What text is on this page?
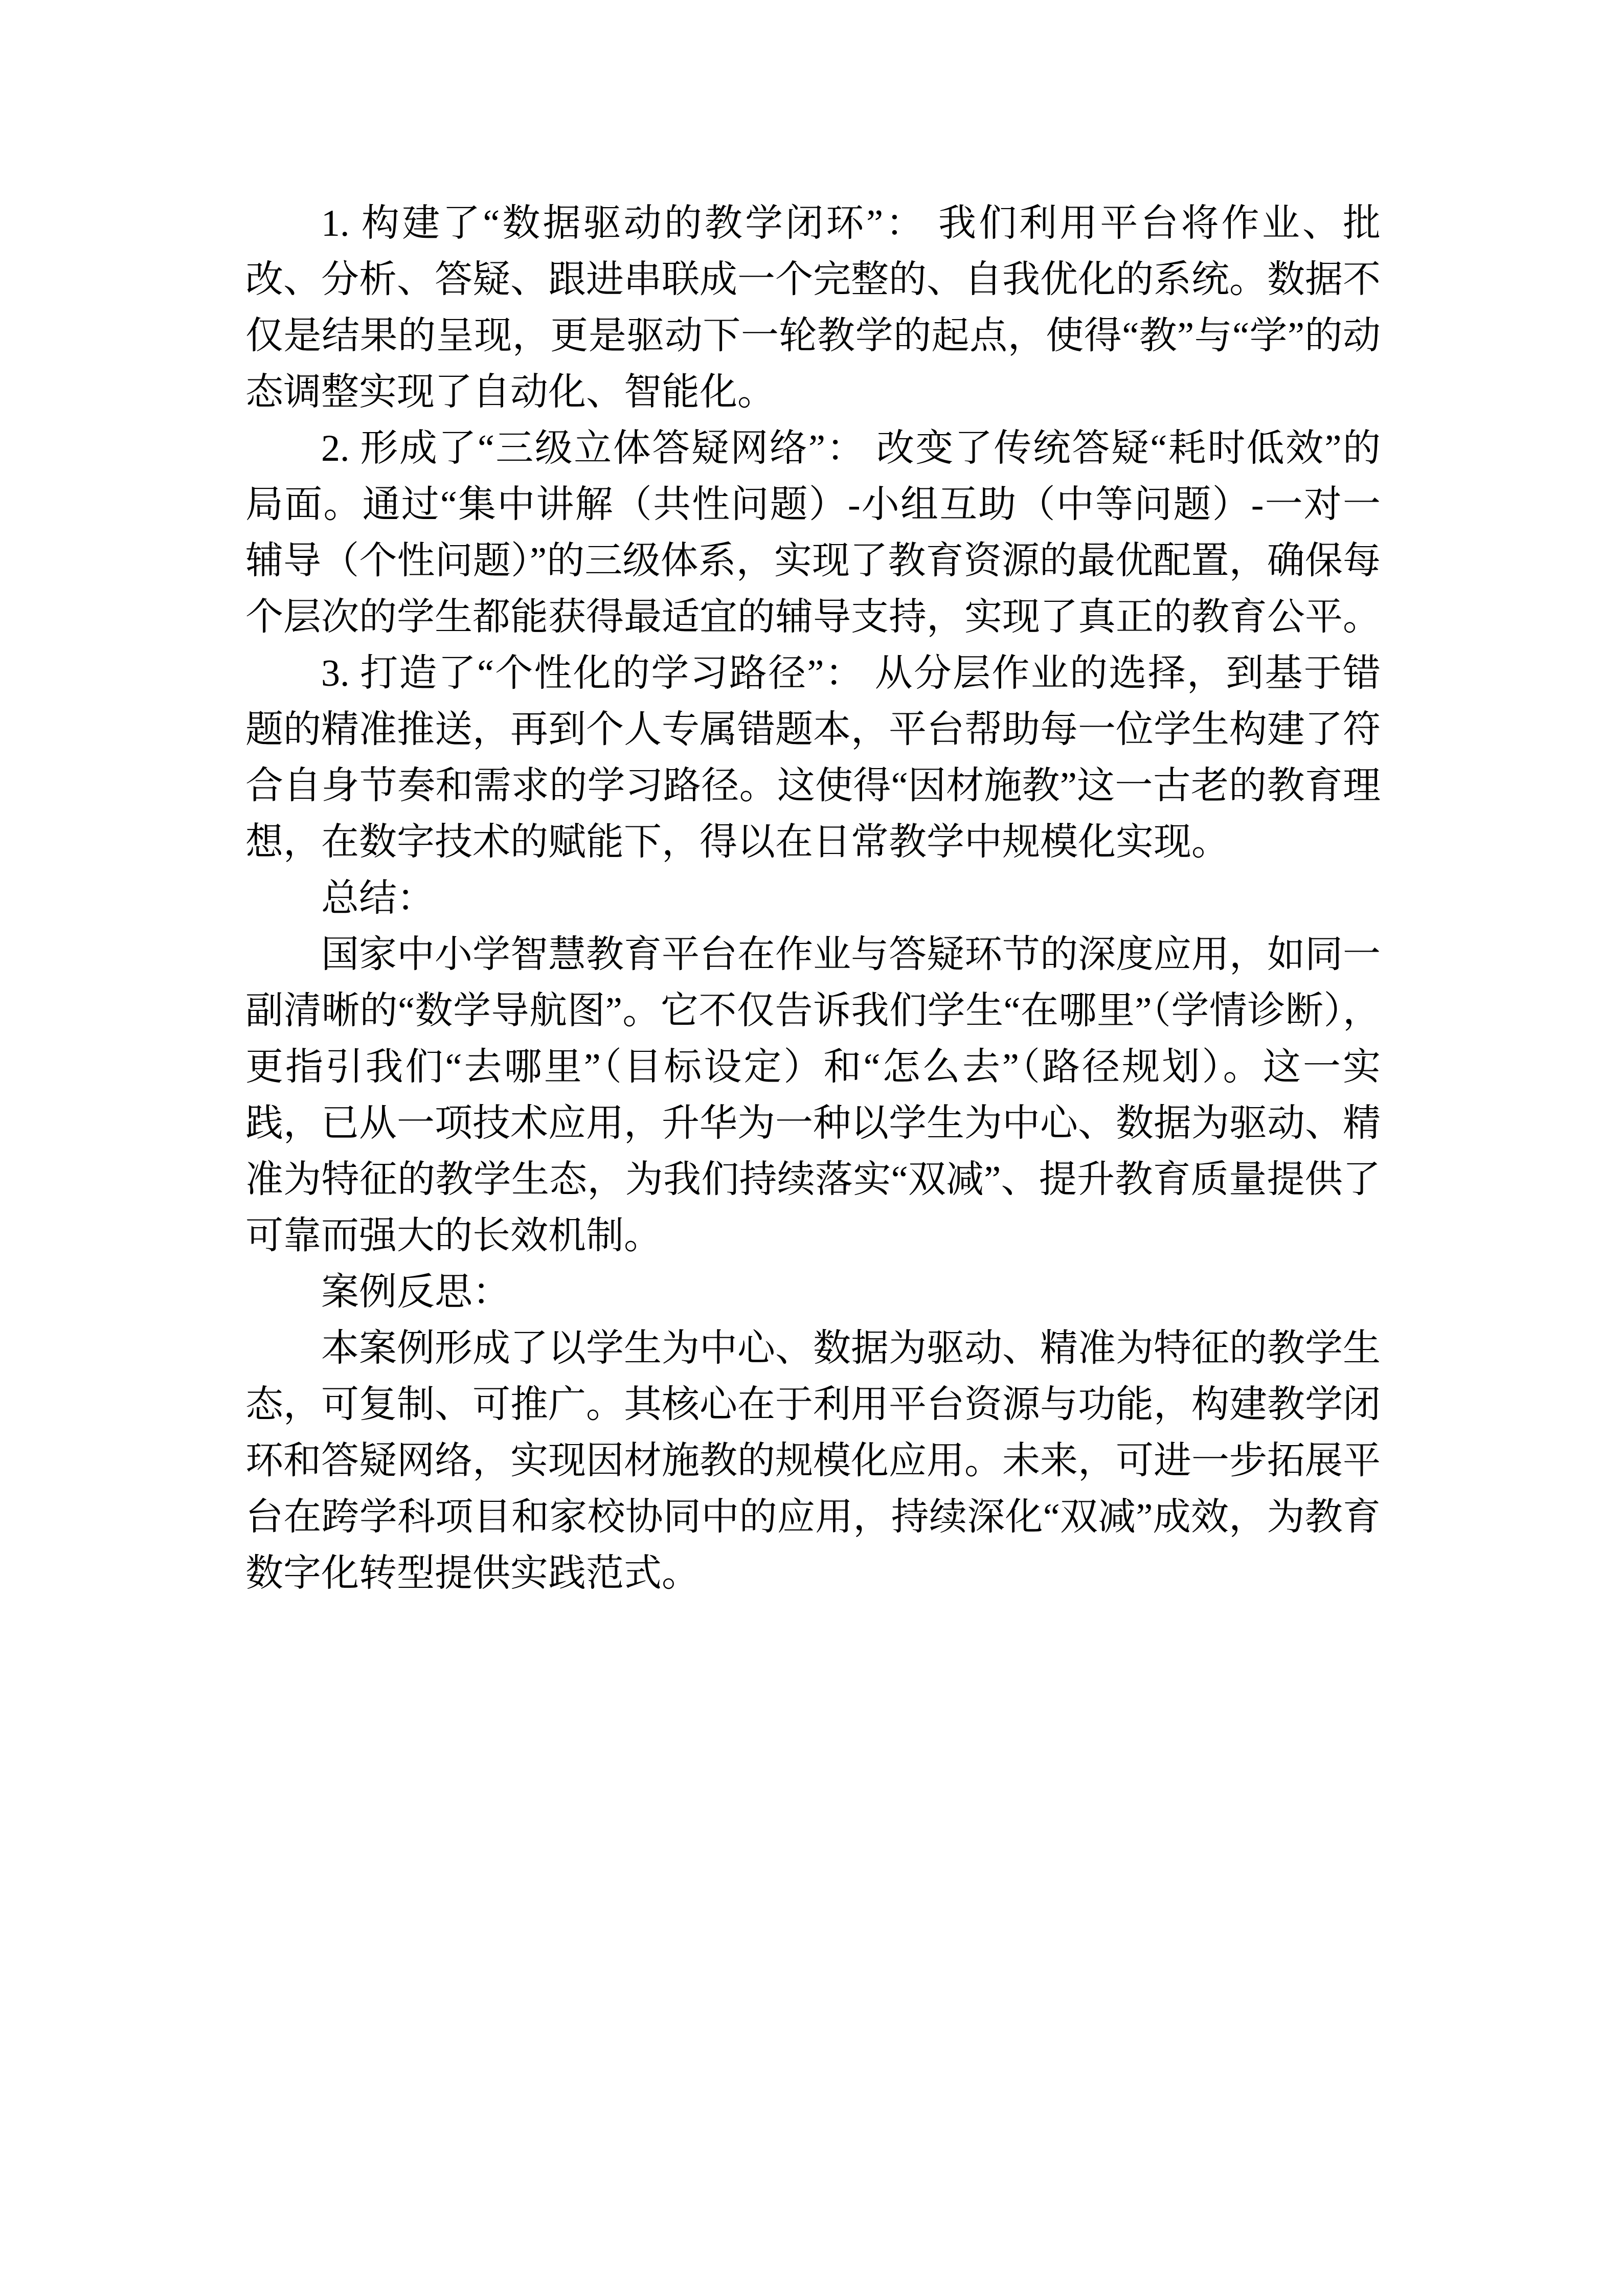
1. 构建了“数据驱动的教学闭环”： 我们利用平台将作业、批改、分析、答疑、跟进串联成一个完整的、自我优化的系统。数据不仅是结果的呈现，更是驱动下一轮教学的起点，使得“教”与“学”的动态调整实现了自动化、智能化。

2. 形成了“三级立体答疑网络”： 改变了传统答疑“耗时低效”的局面。通过“集中讲解（共性问题）-小组互助（中等问题）-一对一辅导（个性问题）”的三级体系，实现了教育资源的最优配置，确保每个层次的学生都能获得最适宜的辅导支持，实现了真正的教育公平。

3. 打造了“个性化的学习路径”： 从分层作业的选择，到基于错题的精准推送，再到个人专属错题本，平台帮助每一位学生构建了符合自身节奏和需求的学习路径。这使得“因材施教”这一古老的教育理想，在数字技术的赋能下，得以在日常教学中规模化实现。

总结：

国家中小学智慧教育平台在作业与答疑环节的深度应用，如同一副清晰的“数学导航图”。它不仅告诉我们学生“在哪里”（学情诊断），更指引我们“去哪里”（目标设定）和“怎么去”（路径规划）。这一实践，已从一项技术应用，升华为一种以学生为中心、数据为驱动、精准为特征的教学生态，为我们持续落实“双减”、提升教育质量提供了可靠而强大的长效机制。

案例反思：

本案例形成了以学生为中心、数据为驱动、精准为特征的教学生态，可复制、可推广。其核心在于利用平台资源与功能，构建教学闭环和答疑网络，实现因材施教的规模化应用。未来，可进一步拓展平台在跨学科项目和家校协同中的应用，持续深化“双减”成效，为教育数字化转型提供实践范式。
